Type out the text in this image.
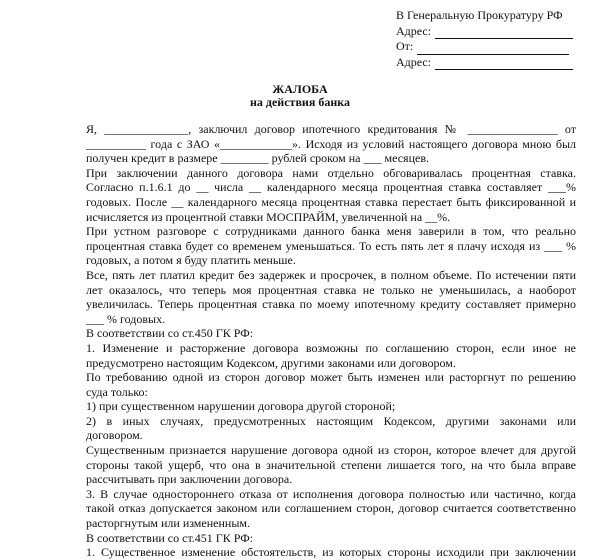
В Генеральную Прокуратуру РФ
Адрес:
От:
Адрес:
ЖАЛОБА
на действия банка

Я, ______________, заключил договор ипотечного кредитования № _______________ от

__________ года с ЗАО «____________». Исходя из условий настоящего договора мною был

получен кредит в размере ________ рублей сроком на ___ месяцев.

При заключении данного договора нами отдельно обговаривалась процентная ставка.

Согласно п.1.6.1 до __ числа __ календарного месяца процентная ставка составляет ___%

годовых. После __ календарного месяца процентная ставка перестает быть фиксированной и

исчисляется из процентной ставки МОСПРАЙМ, увеличенной на __%.

При устном разговоре с сотрудниками данного банка меня заверили в том, что реально

процентная ставка будет со временем уменьшаться. То есть пять лет я плачу исходя из ___ %

годовых, а потом я буду платить меньше.

Все, пять лет платил кредит без задержек и просрочек, в полном объеме. По истечении пяти

лет оказалось, что теперь моя процентная ставка не только не уменьшилась, а наоборот

увеличилась. Теперь процентная ставка по моему ипотечному кредиту составляет примерно

___ % годовых.

В соответствии со ст.450 ГК РФ:

1. Изменение и расторжение договора возможны по соглашению сторон, если иное не

предусмотрено настоящим Кодексом, другими законами или договором.

По требованию одной из сторон договор может быть изменен или расторгнут по решению

суда только:

1) при существенном нарушении договора другой стороной;

2) в иных случаях, предусмотренных настоящим Кодексом, другими законами или

договором.

Существенным признается нарушение договора одной из сторон, которое влечет для другой

стороны такой ущерб, что она в значительной степени лишается того, на что была вправе

рассчитывать при заключении договора.

3. В случае одностороннего отказа от исполнения договора полностью или частично, когда

такой отказ допускается законом или соглашением сторон, договор считается соответственно

расторгнутым или измененным.

В соответствии со ст.451 ГК РФ:

1. Существенное изменение обстоятельств, из которых стороны исходили при заключении
